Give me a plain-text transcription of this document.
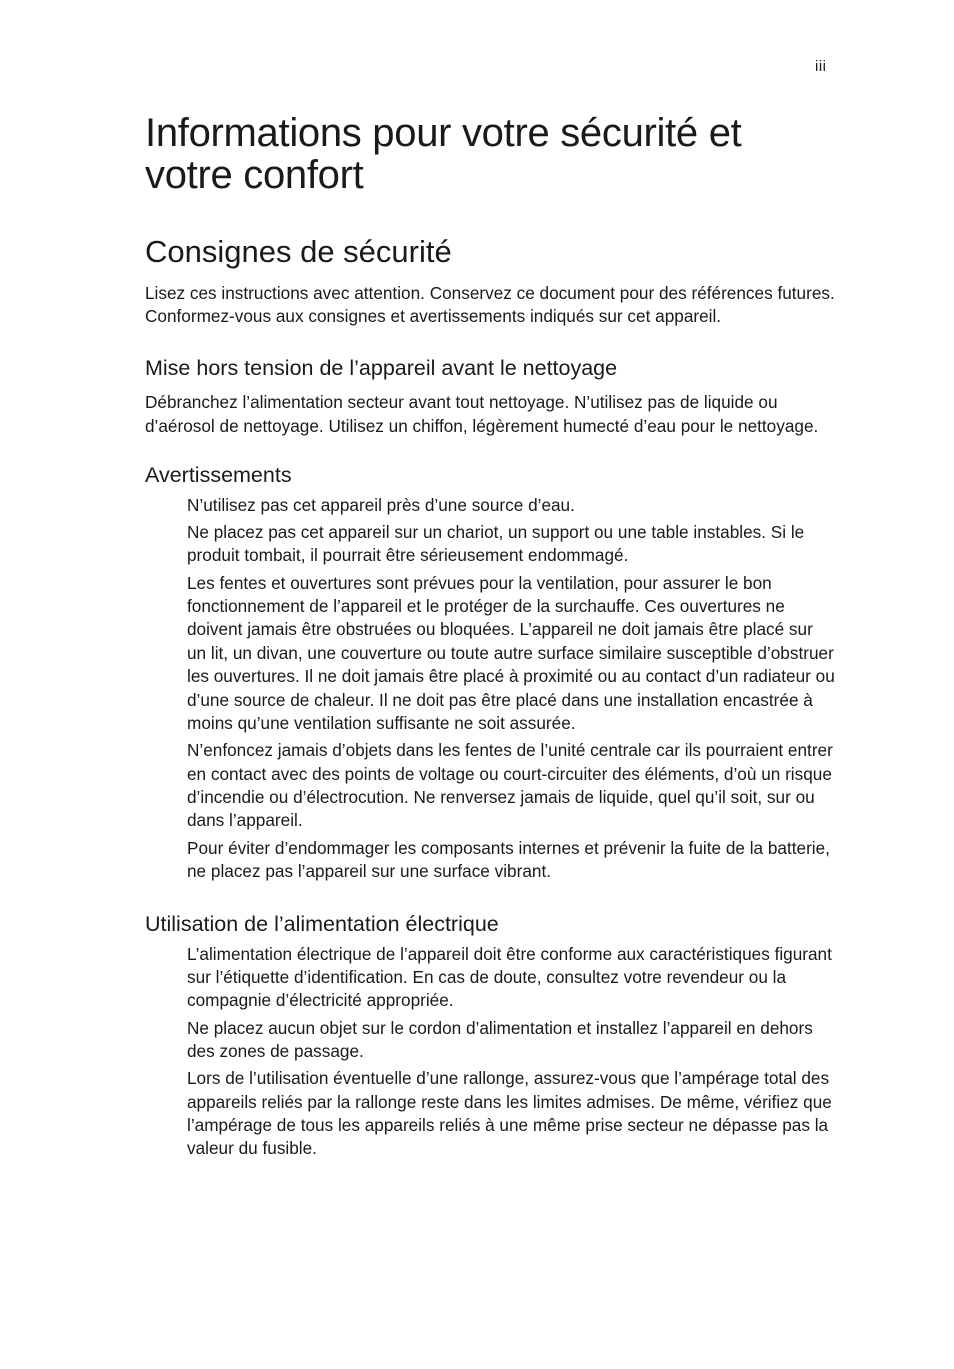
iii
Informations pour votre sécurité et votre confort
Consignes de sécurité

Lisez ces instructions avec attention. Conservez ce document pour des références futures. Conformez-vous aux consignes et avertissements indiqués sur cet appareil.

Mise hors tension de l’appareil avant le nettoyage

Débranchez l’alimentation secteur avant tout nettoyage. N’utilisez pas de liquide ou d’aérosol de nettoyage. Utilisez un chiffon, légèrement humecté d’eau pour le nettoyage.

Avertissements
N’utilisez pas cet appareil près d’une source d’eau.
Ne placez pas cet appareil sur un chariot, un support ou une table instables. Si le produit tombait, il pourrait être sérieusement endommagé.
Les fentes et ouvertures sont prévues pour la ventilation, pour assurer le bon fonctionnement de l’appareil et le protéger de la surchauffe. Ces ouvertures ne doivent jamais être obstruées ou bloquées. L’appareil ne doit jamais être placé sur un lit, un divan, une couverture ou toute autre surface similaire susceptible d’obstruer les ouvertures. Il ne doit jamais être placé à proximité ou au contact d’un radiateur ou d’une source de chaleur. Il ne doit pas être placé dans une installation encastrée à moins qu’une ventilation suffisante ne soit assurée.
N’enfoncez jamais d’objets dans les fentes de l’unité centrale car ils pourraient entrer en contact avec des points de voltage ou court-circuiter des éléments, d’où un risque d’incendie ou d’électrocution. Ne renversez jamais de liquide, quel qu’il soit, sur ou dans l’appareil.
Pour éviter d’endommager les composants internes et prévenir la fuite de la batterie, ne placez pas l’appareil sur une surface vibrant.
Utilisation de l’alimentation électrique
L’alimentation électrique de l’appareil doit être conforme aux caractéristiques figurant sur l’étiquette d’identification. En cas de doute, consultez votre revendeur ou la compagnie d’électricité appropriée.
Ne placez aucun objet sur le cordon d’alimentation et installez l’appareil en dehors des zones de passage.
Lors de l’utilisation éventuelle d’une rallonge, assurez-vous que l’ampérage total des appareils reliés par la rallonge reste dans les limites admises. De même, vérifiez que l’ampérage de tous les appareils reliés à une même prise secteur ne dépasse pas la valeur du fusible.
